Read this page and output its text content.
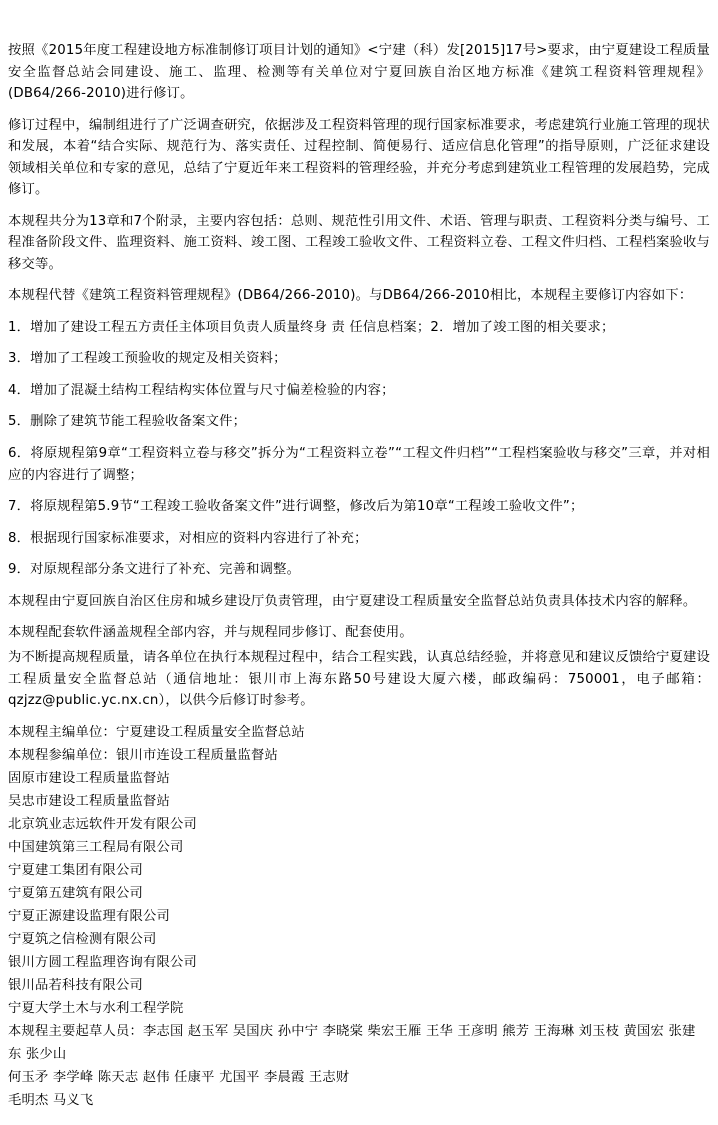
按照《2015年度工程建设地方标准制修订项目计划的通知》<宁建（科）发[2015]17号>要求，由宁夏建设工程质量安全监督总站会同建设、施工、监理、检测等有关单位对宁夏回族自治区地方标准《建筑工程资料管理规程》(DB64/266-2010)进行修订。

修订过程中，编制组进行了广泛调查研究，依据涉及工程资料管理的现行国家标准要求，考虑建筑行业施工管理的现状和发展，本着“结合实际、规范行为、落实责任、过程控制、简便易行、适应信息化管理”的指导原则，广泛征求建设领域相关单位和专家的意见，总结了宁夏近年来工程资料的管理经验，并充分考虑到建筑业工程管理的发展趋势，完成修订。

本规程共分为13章和7个附录，主要内容包括：总则、规范性引用文件、术语、管理与职责、工程资料分类与编号、工程准备阶段文件、监理资料、施工资料、竣工图、工程竣工验收文件、工程资料立卷、工程文件归档、工程档案验收与移交等。

本规程代替《建筑工程资料管理规程》(DB64/266-2010)。与DB64/266-2010相比，本规程主要修订内容如下：

1．增加了建设工程五方责任主体项目负责人质量终身 责 任信息档案；2．增加了竣工图的相关要求；

3．增加了工程竣工预验收的规定及相关资料；

4．增加了混凝土结构工程结构实体位置与尺寸偏差检验的内容；

5．删除了建筑节能工程验收备案文件；

6．将原规程第9章“工程资料立卷与移交”拆分为“工程资料立卷”“工程文件归档”“工程档案验收与移交”三章，并对相应的内容进行了调整；

7．将原规程第5.9节“工程竣工验收备案文件”进行调整，修改后为第10章“工程竣工验收文件”；

8．根据现行国家标准要求，对相应的资料内容进行了补充；

9．对原规程部分条文进行了补充、完善和调整。

本规程由宁夏回族自治区住房和城乡建设厅负责管理，由宁夏建设工程质量安全监督总站负责具体技术内容的解释。

本规程配套软件涵盖规程全部内容，并与规程同步修订、配套使用。

为不断提高规程质量，请各单位在执行本规程过程中，结合工程实践，认真总结经验，并将意见和建议反馈给宁夏建设工程质量安全监督总站（通信地址：银川市上海东路50号建设大厦六楼，邮政编码：750001，电子邮箱：qzjzz@public.yc.nx.cn），以供今后修订时参考。

本规程主编单位：宁夏建设工程质量安全监督总站

本规程参编单位：银川市连设工程质量监督站

固原市建设工程质量监督站

吴忠市建设工程质量监督站

北京筑业志远软件开发有限公司

中国建筑第三工程局有限公司

宁夏建工集团有限公司

宁夏第五建筑有限公司

宁夏正源建设监理有限公司

宁夏筑之信检测有限公司

银川方圆工程监理咨询有限公司

银川品若科技有限公司

宁夏大学土木与水利工程学院

本规程主要起草人员：李志国 赵玉军 吴国庆 孙中宁 李晓棠 柴宏王雁 王华 王彦明 熊芳 王海琳 刘玉枝 黄国宏 张建

东 张少山

何玉矛 李学峰 陈天志 赵伟 任康平 尤国平 李晨霞 王志财

毛明杰 马义飞
